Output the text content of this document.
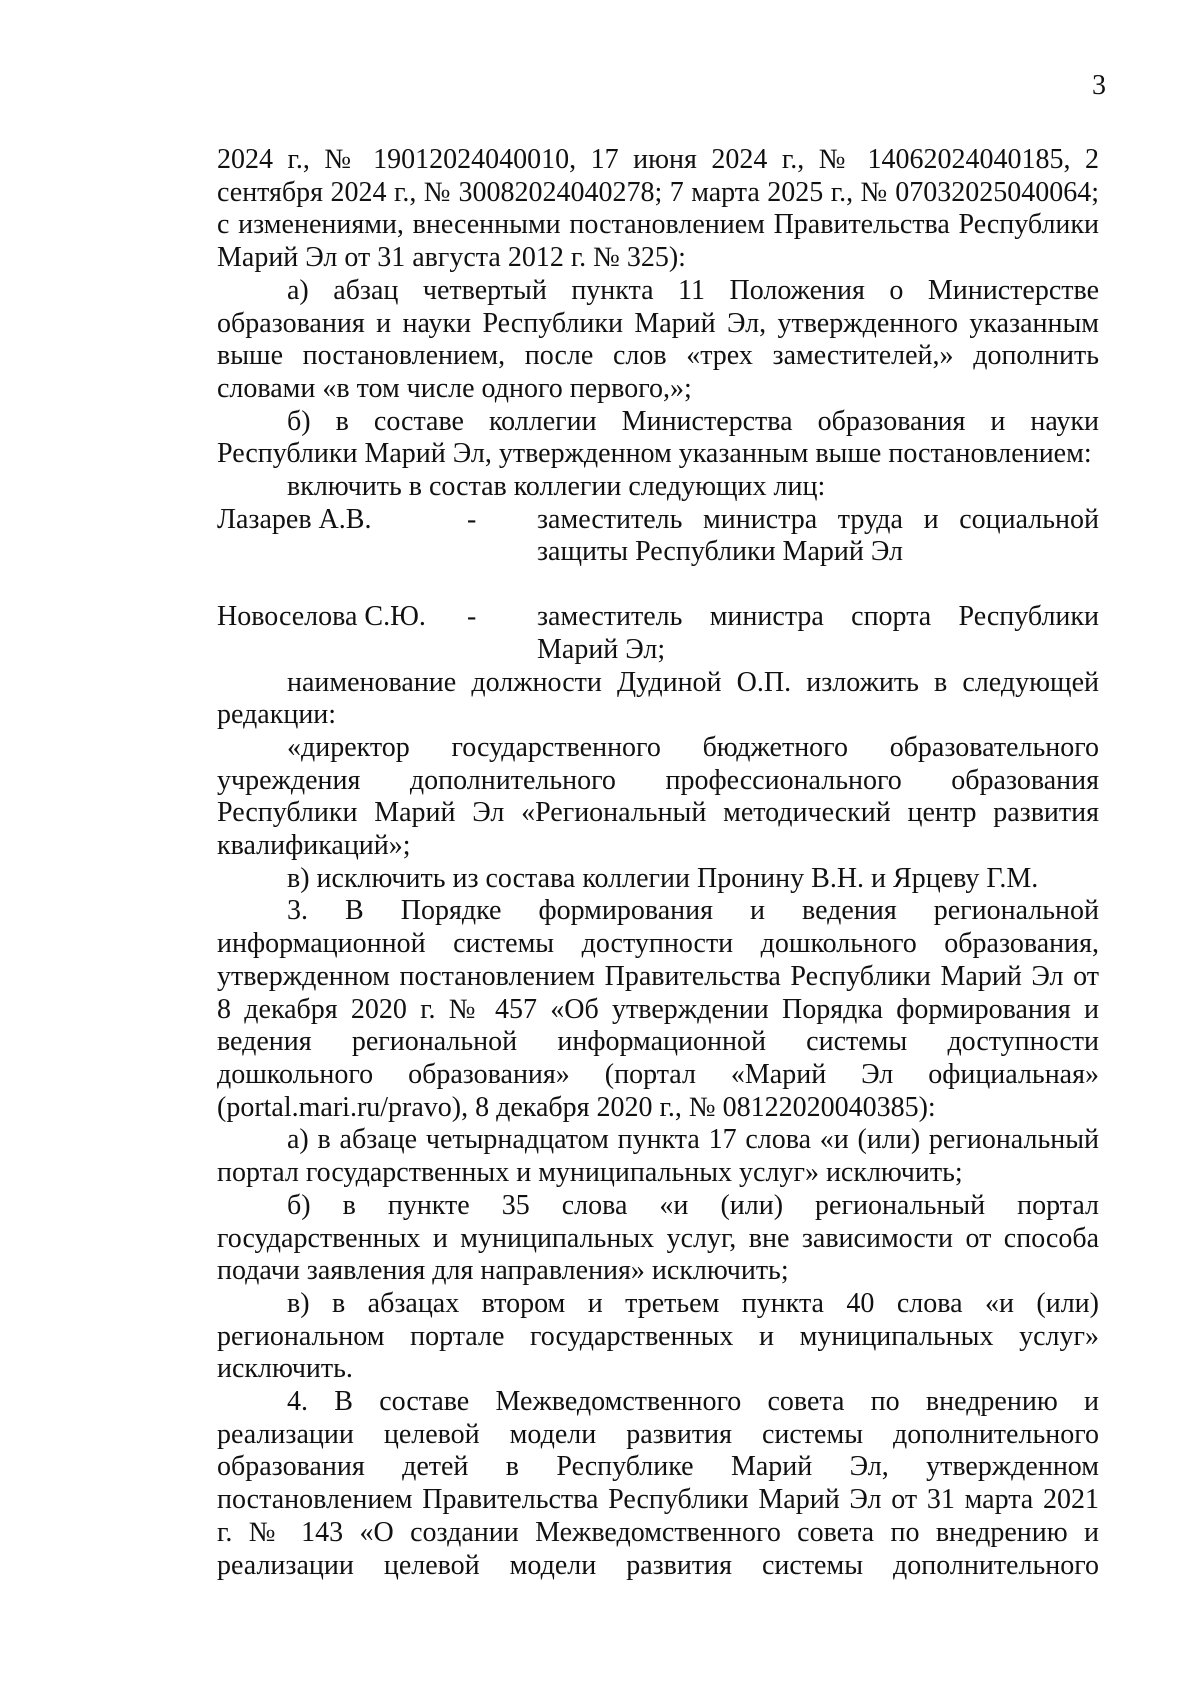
3

2024 г., № 19012024040010, 17 июня 2024 г., № 14062024040185, 2 сентября 2024 г., № 30082024040278; 7 марта 2025 г., № 07032025040064; с изменениями, внесенными постановлением Правительства Республики Марий Эл от 31 августа 2012 г. № 325):

а) абзац четвертый пункта 11 Положения о Министерстве образования и науки Республики Марий Эл, утвержденного указанным выше постановлением, после слов «трех заместителей,» дополнить словами «в том числе одного первого,»;

б) в составе коллегии Министерства образования и науки Республики Марий Эл, утвержденном указанным выше постановлением:

включить в состав коллегии следующих лиц:

Лазарев А.В.	-	заместитель министра труда и социальной защиты Республики Марий Эл
Новоселова С.Ю.	-	заместитель министра спорта Республики Марий Эл;

наименование должности Дудиной О.П. изложить в следующей редакции:

«директор государственного бюджетного образовательного учреждения дополнительного профессионального образования Республики Марий Эл «Региональный методический центр развития квалификаций»;

в) исключить из состава коллегии Пронину В.Н. и Ярцеву Г.М.

3. В Порядке формирования и ведения региональной информационной системы доступности дошкольного образования, утвержденном постановлением Правительства Республики Марий Эл от 8 декабря 2020 г. № 457 «Об утверждении Порядка формирования и ведения региональной информационной системы доступности дошкольного образования» (портал «Марий Эл официальная» (portal.mari.ru/pravo), 8 декабря 2020 г., № 08122020040385):

а) в абзаце четырнадцатом пункта 17 слова «и (или) региональный портал государственных и муниципальных услуг» исключить;

б) в пункте 35 слова «и (или) региональный портал государственных и муниципальных услуг, вне зависимости от способа подачи заявления для направления» исключить;

в) в абзацах втором и третьем пункта 40 слова «и (или) региональном портале государственных и муниципальных услуг» исключить.

4. В составе Межведомственного совета по внедрению и реализации целевой модели развития системы дополнительного образования детей в Республике Марий Эл, утвержденном постановлением Правительства Республики Марий Эл от 31 марта 2021 г. № 143 «О создании Межведомственного совета по внедрению и реализации целевой модели развития системы дополнительного
